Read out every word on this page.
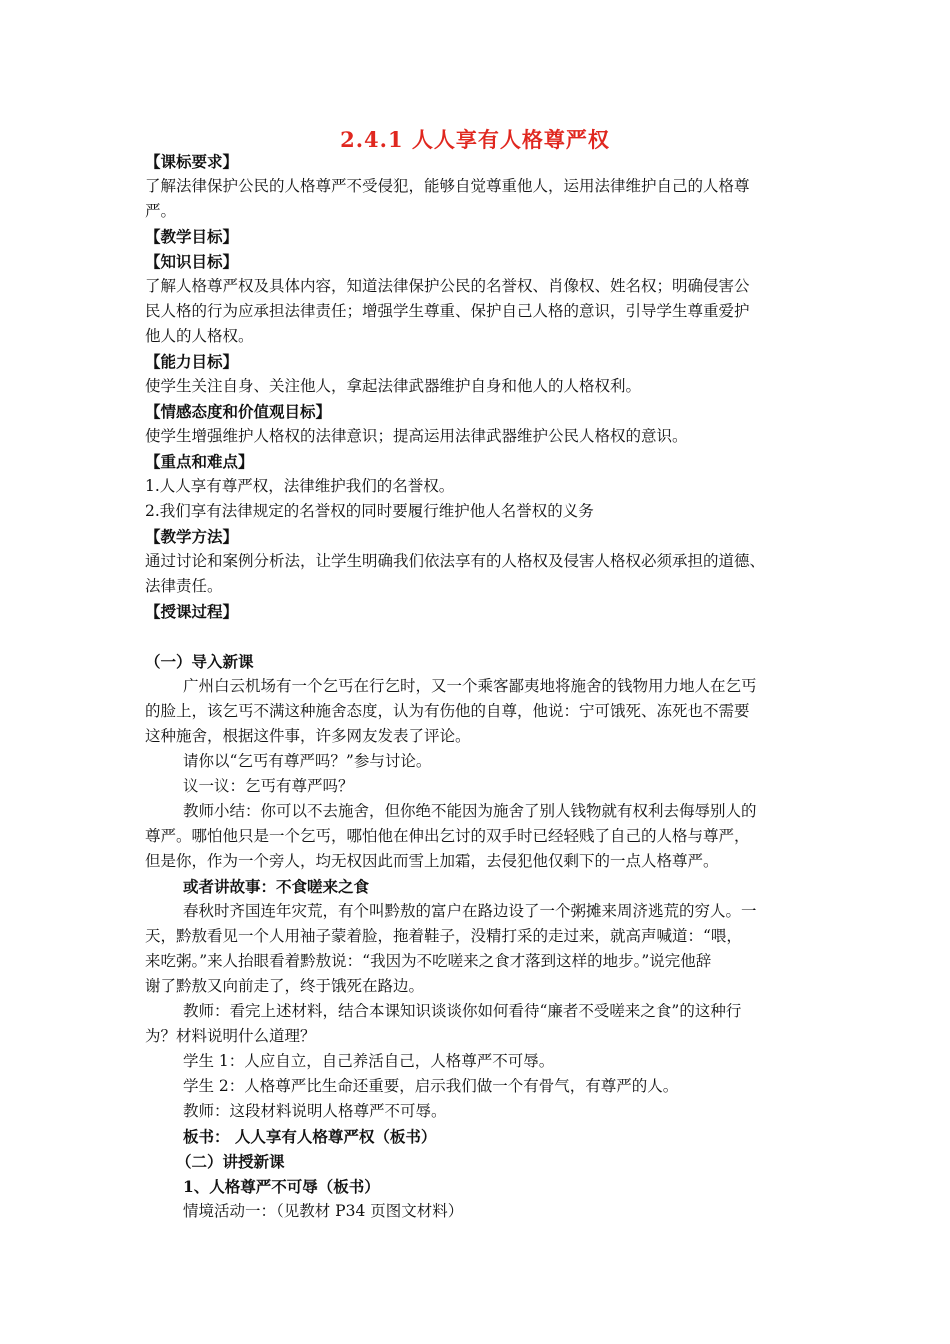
2.4.1 人人享有人格尊严权
【课标要求】
了解法律保护公民的人格尊严不受侵犯，能够自觉尊重他人，运用法律维护自己的人格尊
严。
【教学目标】
【知识目标】
了解人格尊严权及具体内容，知道法律保护公民的名誉权、肖像权、姓名权；明确侵害公
民人格的行为应承担法律责任；增强学生尊重、保护自己人格的意识，引导学生尊重爱护
他人的人格权。
【能力目标】
使学生关注自身、关注他人，拿起法律武器维护自身和他人的人格权利。
【情感态度和价值观目标】
使学生增强维护人格权的法律意识；提高运用法律武器维护公民人格权的意识。
【重点和难点】
1.人人享有尊严权，法律维护我们的名誉权。
2.我们享有法律规定的名誉权的同时要履行维护他人名誉权的义务
【教学方法】
通过讨论和案例分析法，让学生明确我们依法享有的人格权及侵害人格权必须承担的道德、
法律责任。
【授课过程】
（一）导入新课
广州白云机场有一个乞丐在行乞时，又一个乘客鄙夷地将施舍的钱物用力地人在乞丐
的脸上，该乞丐不满这种施舍态度，认为有伤他的自尊，他说：宁可饿死、冻死也不需要
这种施舍，根据这件事，许多网友发表了评论。
请你以“乞丐有尊严吗？”参与讨论。
议一议：乞丐有尊严吗？
教师小结：你可以不去施舍，但你绝不能因为施舍了别人钱物就有权利去侮辱别人的
尊严。哪怕他只是一个乞丐，哪怕他在伸出乞讨的双手时已经轻贱了自己的人格与尊严，
但是你，作为一个旁人，均无权因此而雪上加霜，去侵犯他仅剩下的一点人格尊严。
或者讲故事：不食嗟来之食
春秋时齐国连年灾荒，有个叫黔敖的富户在路边设了一个粥摊来周济逃荒的穷人。一
天，黔敖看见一个人用袖子蒙着脸，拖着鞋子，没精打采的走过来，就高声喊道：“喂，
来吃粥。”来人抬眼看着黔敖说：“我因为不吃嗟来之食才落到这样的地步。”说完他辞
谢了黔敖又向前走了，终于饿死在路边。
教师：看完上述材料，结合本课知识谈谈你如何看待“廉者不受嗟来之食”的这种行
为？材料说明什么道理？
学生 1：人应自立，自己养活自己，人格尊严不可辱。
学生 2：人格尊严比生命还重要，启示我们做一个有骨气，有尊严的人。
教师：这段材料说明人格尊严不可辱。
板书： 人人享有人格尊严权（板书）
（二）讲授新课
1、人格尊严不可辱（板书）
情境活动一：（见教材 P34 页图文材料）
